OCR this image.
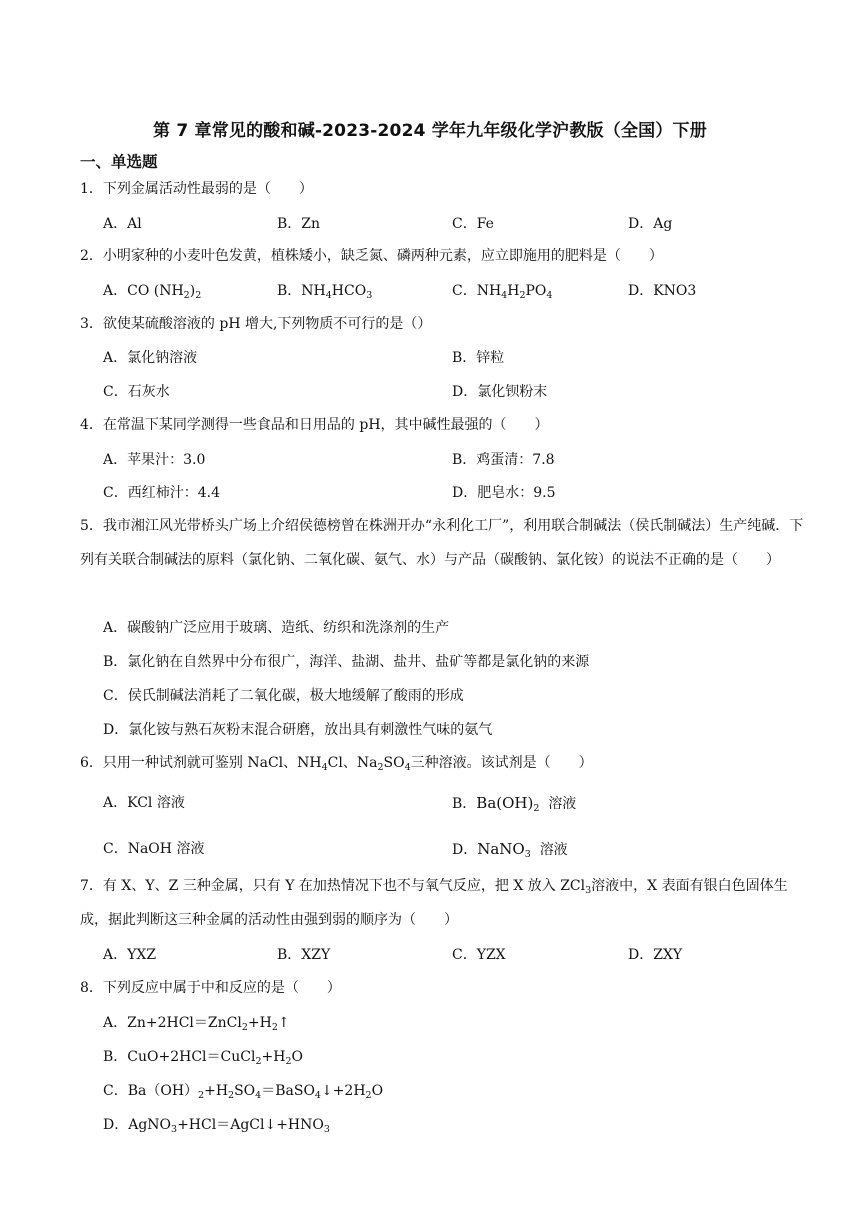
第 7 章常见的酸和碱-2023-2024 学年九年级化学沪教版（全国）下册
一、单选题
1．下列金属活动性最弱的是（　　）
A．Al	B．Zn	C．Fe	D．Ag
2．小明家种的小麦叶色发黄，植株矮小，缺乏氮、磷两种元素，应立即施用的肥料是（　　）
A．CO $(NH_2)_2$	B．$NH_4HCO_3$	C．$NH_4H_2PO_4$	D．KNO3
3．欲使某硫酸溶液的 pH 增大,下列物质不可行的是（）
A．氯化钠溶液	B．锌粒
C．石灰水	D．氯化钡粉末
4．在常温下某同学测得一些食品和日用品的 pH，其中碱性最强的（　　）
A．苹果汁：3.0	B．鸡蛋清：7.8
C．西红柿汁：4.4	D．肥皂水：9.5
5．我市湘江风光带桥头广场上介绍侯德榜曾在株洲开办“永利化工厂”，利用联合制碱法（侯氏制碱法）生产纯碱．下列有关联合制碱法的原料（氯化钠、二氧化碳、氨气、水）与产品（碳酸钠、氯化铵）的说法不正确的是（　　）
A．碳酸钠广泛应用于玻璃、造纸、纺织和洗涤剂的生产
B．氯化钠在自然界中分布很广，海洋、盐湖、盐井、盐矿等都是氯化钠的来源
C．侯氏制碱法消耗了二氧化碳，极大地缓解了酸雨的形成
D．氯化铵与熟石灰粉末混合研磨，放出具有刺激性气味的氨气
6．只用一种试剂就可鉴别 NaCl、$NH_4Cl$、$Na_2SO_4$三种溶液。该试剂是（　　）
A．KCl 溶液	B．$Ba(OH)_2$ 溶液
C．NaOH 溶液	D．NaNO$_3$ 溶液
7．有 X、Y、Z 三种金属，只有 Y 在加热情况下也不与氧气反应，把 X 放入 ZCl$_3$溶液中，X 表面有银白色固体生成，据此判断这三种金属的活动性由强到弱的顺序为（　　）
A．YXZ	B．XZY	C．YZX	D．ZXY
8．下列反应中属于中和反应的是（　　）
A．$Zn+2HCl=ZnCl_2+H_2↑$
B．$CuO+2HCl=CuCl_2+H_2O$
C．$Ba(OH)_2+H_2SO_4=BaSO_4↓+2H_2O$
D．$AgNO_3+HCl=AgCl↓+HNO_3$
